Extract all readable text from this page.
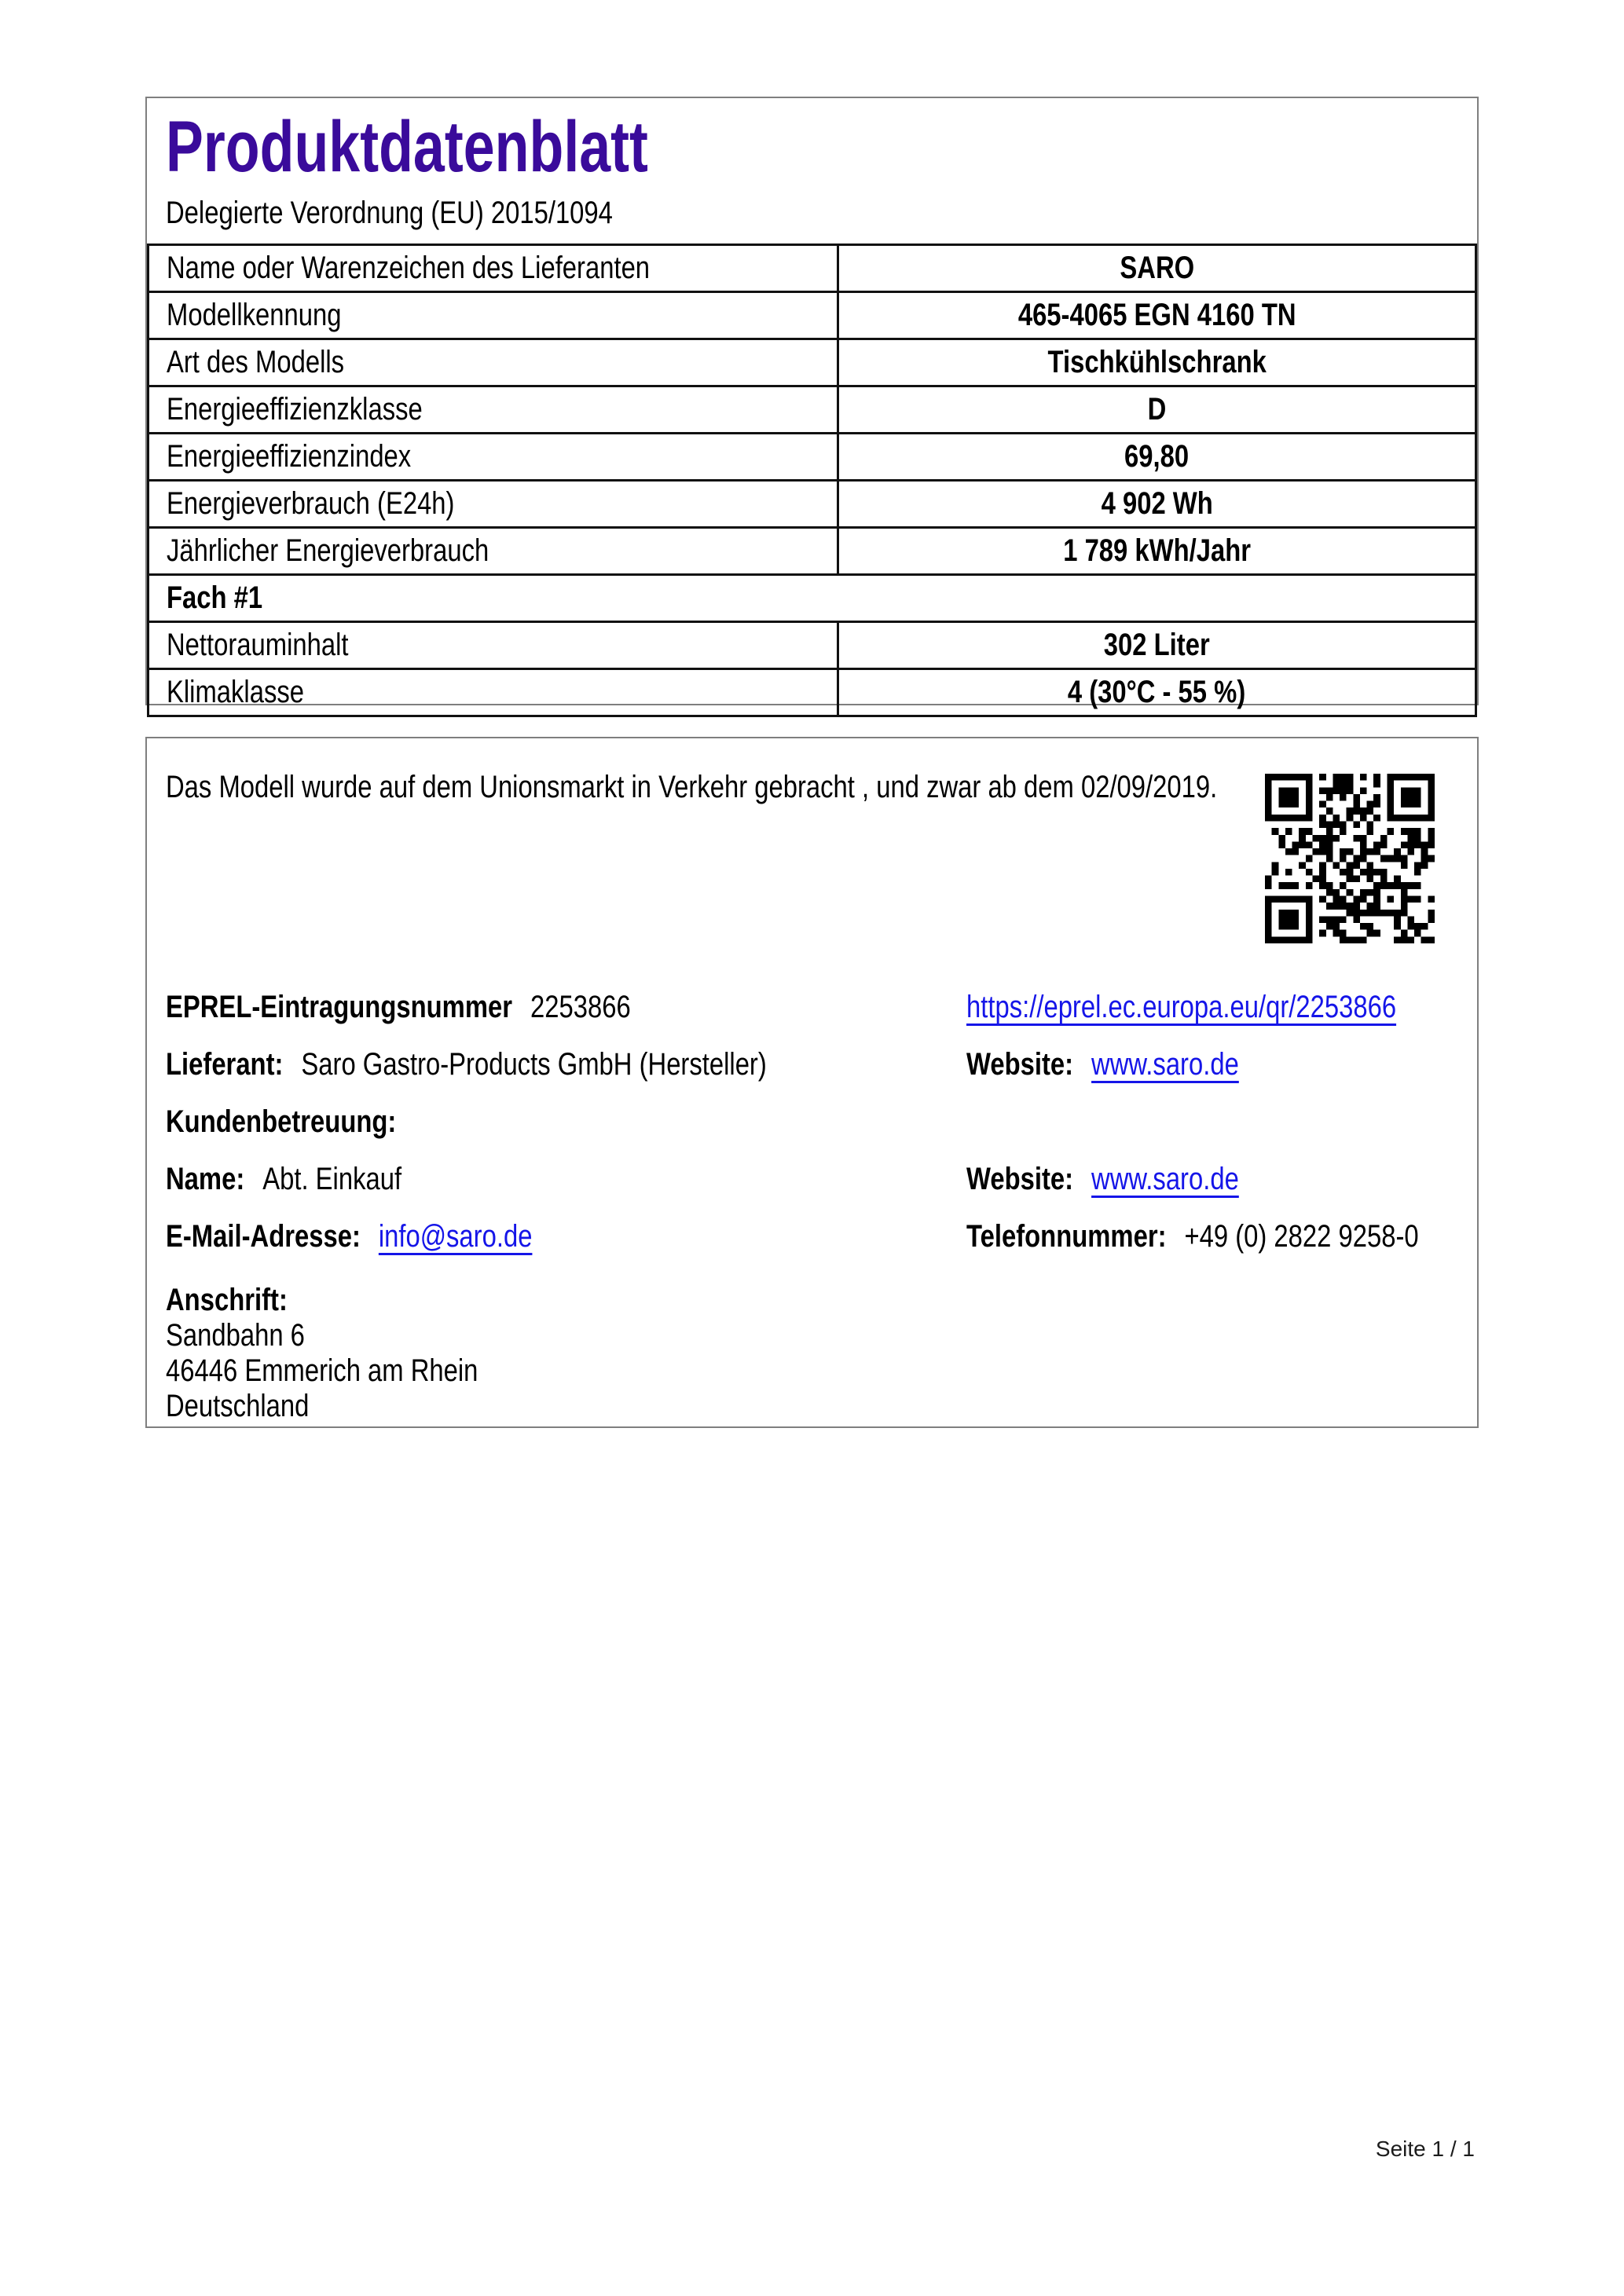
Produktdatenblatt
Delegierte Verordnung (EU) 2015/1094
Name oder Warenzeichen des Lieferanten	SARO
Modellkennung	465-4065 EGN 4160 TN
Art des Modells	Tischkühlschrank
Energieeffizienzklasse	D
Energieeffizienzindex	69,80
Energieverbrauch (E24h)	4 902 Wh
Jährlicher Energieverbrauch	1 789 kWh/Jahr
Fach #1	
Nettorauminhalt	302 Liter
Klimaklasse	4 (30°C - 55 %)
Das Modell wurde auf dem Unionsmarkt in Verkehr gebracht , und zwar ab dem 02/09/2019.
EPREL-Eintragungsnummer 2253866	https://eprel.ec.europa.eu/qr/2253866
Lieferant: Saro Gastro-Products GmbH (Hersteller)	Website: www.saro.de
Kundenbetreuung:
Name: Abt. Einkauf	Website: www.saro.de
E-Mail-Adresse: info@saro.de	Telefonnummer: +49 (0) 2822 9258-0
Anschrift:
Sandbahn 6
46446 Emmerich am Rhein
Deutschland
Seite 1 / 1
